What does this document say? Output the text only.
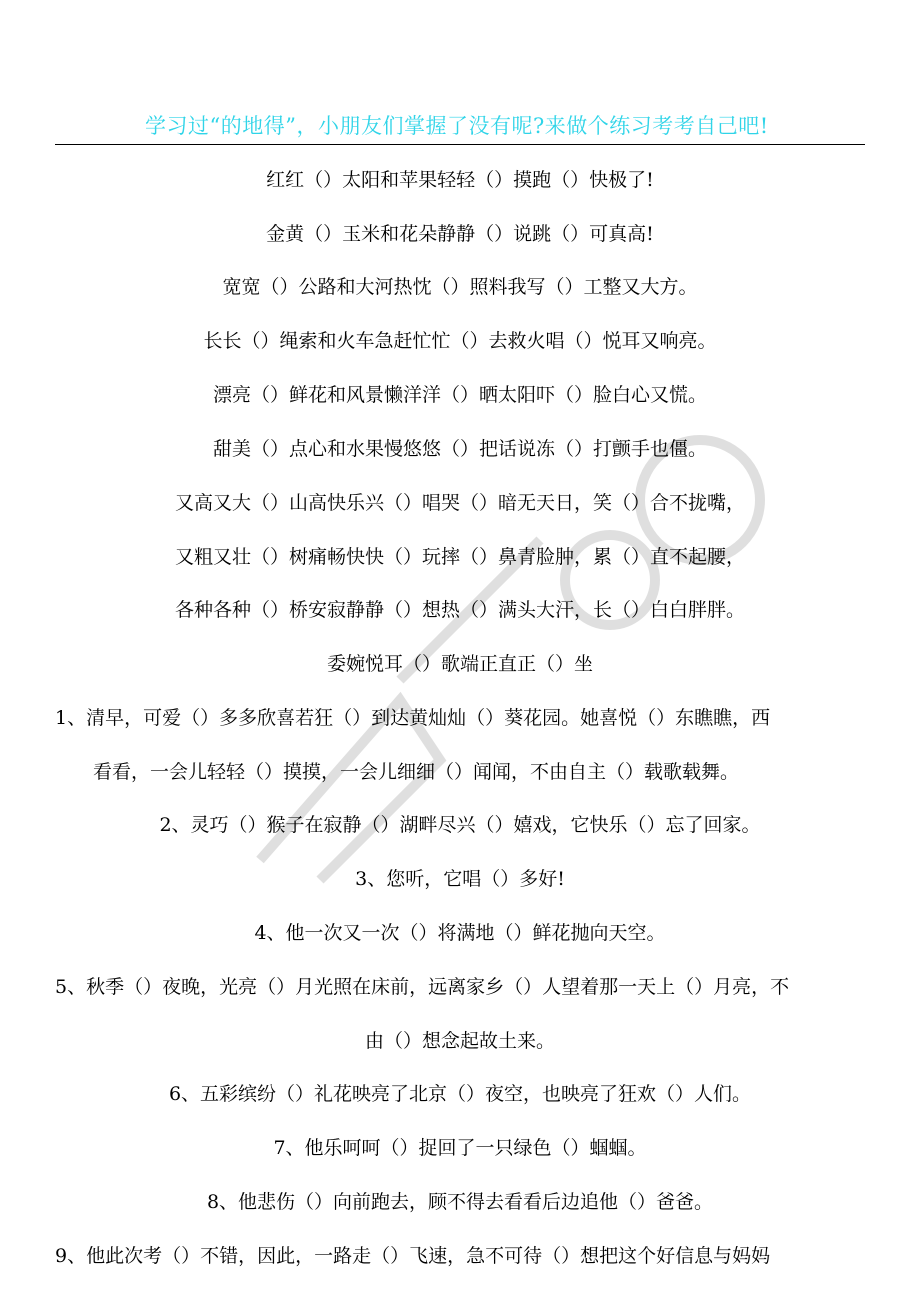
学习过“的地得”，小朋友们掌握了没有呢?来做个练习考考自己吧!
红红（）太阳和苹果轻轻（）摸跑（）快极了!
金黄（）玉米和花朵静静（）说跳（）可真高!
宽宽（）公路和大河热忱（）照料我写（）工整又大方。
长长（）绳索和火车急赶忙忙（）去救火唱（）悦耳又响亮。
漂亮（）鲜花和风景懒洋洋（）晒太阳吓（）脸白心又慌。
甜美（）点心和水果慢悠悠（）把话说冻（）打颤手也僵。
又高又大（）山高快乐兴（）唱哭（）暗无天日，笑（）合不拢嘴，
又粗又壮（）树痛畅快快（）玩摔（）鼻青脸肿，累（）直不起腰，
各种各种（）桥安寂静静（）想热（）满头大汗，长（）白白胖胖。
委婉悦耳（）歌端正直正（）坐
1、清早，可爱（）多多欣喜若狂（）到达黄灿灿（）葵花园。她喜悦（）东瞧瞧，西
看看，一会儿轻轻（）摸摸，一会儿细细（）闻闻，不由自主（）载歌载舞。
2、灵巧（）猴子在寂静（）湖畔尽兴（）嬉戏，它快乐（）忘了回家。
3、您听，它唱（）多好!
4、他一次又一次（）将满地（）鲜花抛向天空。
5、秋季（）夜晚，光亮（）月光照在床前，远离家乡（）人望着那一天上（）月亮，不
由（）想念起故土来。
6、五彩缤纷（）礼花映亮了北京（）夜空，也映亮了狂欢（）人们。
7、他乐呵呵（）捉回了一只绿色（）蝈蝈。
8、他悲伤（）向前跑去，顾不得去看看后边追他（）爸爸。
9、他此次考（）不错，因此，一路走（）飞速，急不可待（）想把这个好信息与妈妈
